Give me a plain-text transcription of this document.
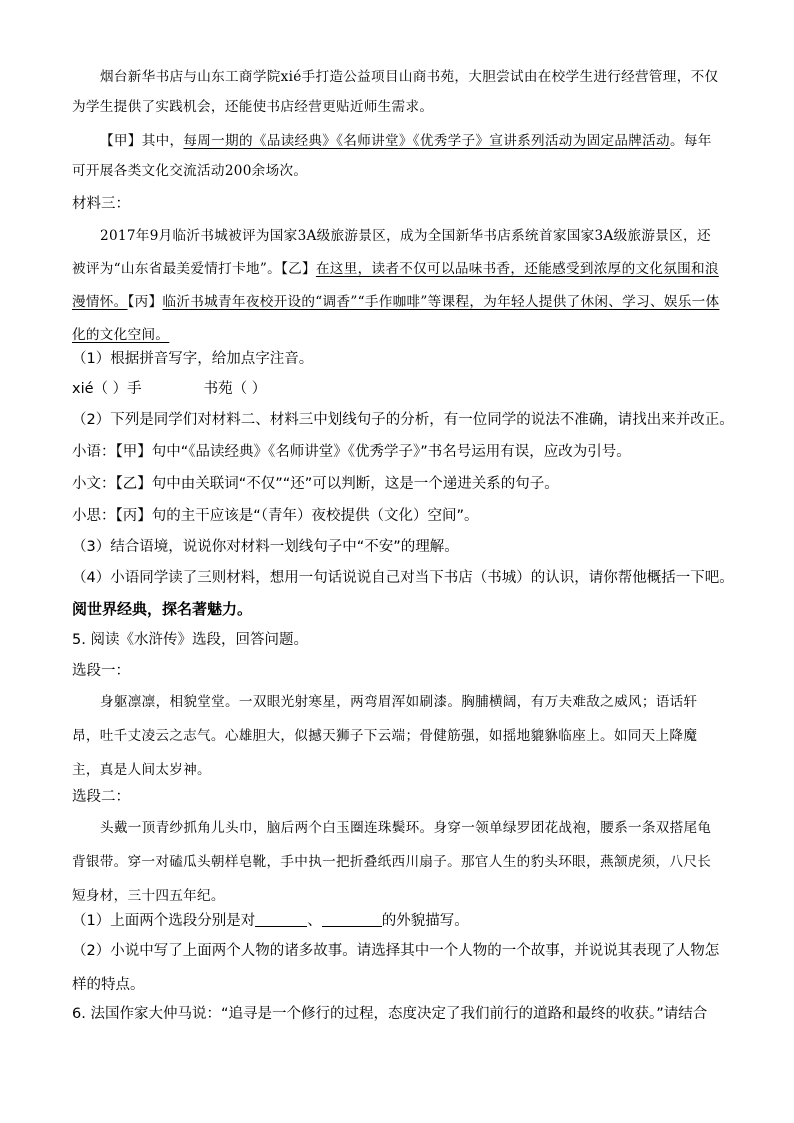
烟台新华书店与山东工商学院xié手打造公益项目山商书苑，大胆尝试由在校学生进行经营管理，不仅为学生提供了实践机会，还能使书店经营更贴近师生需求。

【甲】其中，每周一期的《品读经典》《名师讲堂》《优秀学子》宣讲系列活动为固定品牌活动。每年可开展各类文化交流活动200余场次。

材料三：

2017年9月临沂书城被评为国家3A级旅游景区，成为全国新华书店系统首家国家3A级旅游景区，还被评为“山东省最美爱情打卡地”。【乙】在这里，读者不仅可以品味书香，还能感受到浓厚的文化氛围和浪漫情怀。【丙】临沂书城青年夜校开设的“调香”“手作咖啡”等课程，为年轻人提供了休闲、学习、娱乐一体化的文化空间。

（1）根据拼音写字，给加点字注音。

xié（ ）手	书苑（ ）

（2）下列是同学们对材料二、材料三中划线句子的分析，有一位同学的说法不准确，请找出来并改正。

小语：【甲】句中“《品读经典》《名师讲堂》《优秀学子》”书名号运用有误，应改为引号。

小文：【乙】句中由关联词“不仅”“还”可以判断，这是一个递进关系的句子。

小思：【丙】句的主干应该是“（青年）夜校提供（文化）空间”。

（3）结合语境，说说你对材料一划线句子中“不安”的理解。

（4）小语同学读了三则材料，想用一句话说说自己对当下书店（书城）的认识，请你帮他概括一下吧。

阅世界经典，探名著魅力。

5. 阅读《水浒传》选段，回答问题。

选段一：

身躯凛凛，相貌堂堂。一双眼光射寒星，两弯眉浑如刷漆。胸脯横阔，有万夫难敌之威风；语话轩昂，吐千丈凌云之志气。心雄胆大，似撼天狮子下云端；骨健筋强，如摇地貔貅临座上。如同天上降魔主，真是人间太岁神。

选段二：

头戴一顶青纱抓角儿头巾，脑后两个白玉圈连珠鬓环。身穿一领单绿罗团花战袍，腰系一条双搭尾龟背银带。穿一对磕瓜头朝样皂靴，手中执一把折叠纸西川扇子。那官人生的豹头环眼，燕颔虎须，八尺长短身材，三十四五年纪。

（1）上面两个选段分别是对	、	的外貌描写。

（2）小说中写了上面两个人物的诸多故事。请选择其中一个人物的一个故事，并说说其表现了人物怎样的特点。

6. 法国作家大仲马说：“追寻是一个修行的过程，态度决定了我们前行的道路和最终的收获。”请结合
